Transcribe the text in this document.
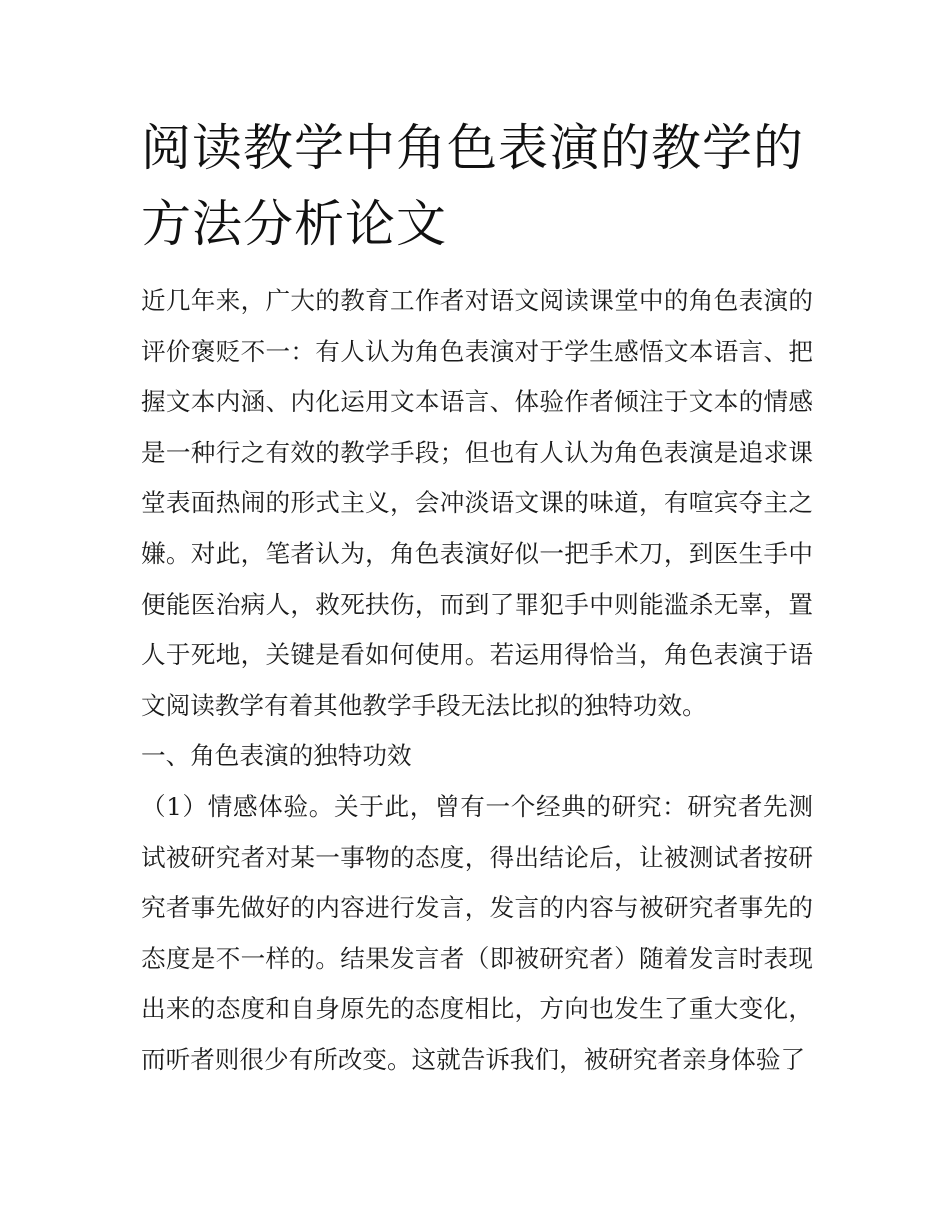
阅读教学中角色表演的教学的方法分析论文

近几年来，广大的教育工作者对语文阅读课堂中的角色表演的评价褒贬不一：有人认为角色表演对于学生感悟文本语言、把握文本内涵、内化运用文本语言、体验作者倾注于文本的情感是一种行之有效的教学手段；但也有人认为角色表演是追求课堂表面热闹的形式主义，会冲淡语文课的味道，有喧宾夺主之嫌。对此，笔者认为，角色表演好似一把手术刀，到医生手中便能医治病人，救死扶伤，而到了罪犯手中则能滥杀无辜，置人于死地，关键是看如何使用。若运用得恰当，角色表演于语文阅读教学有着其他教学手段无法比拟的独特功效。

一、角色表演的独特功效

（1）情感体验。关于此，曾有一个经典的研究：研究者先测试被研究者对某一事物的态度，得出结论后，让被测试者按研究者事先做好的内容进行发言，发言的内容与被研究者事先的态度是不一样的。结果发言者（即被研究者）随着发言时表现出来的态度和自身原先的态度相比，方向也发生了重大变化，而听者则很少有所改变。这就告诉我们，被研究者亲身体验了
